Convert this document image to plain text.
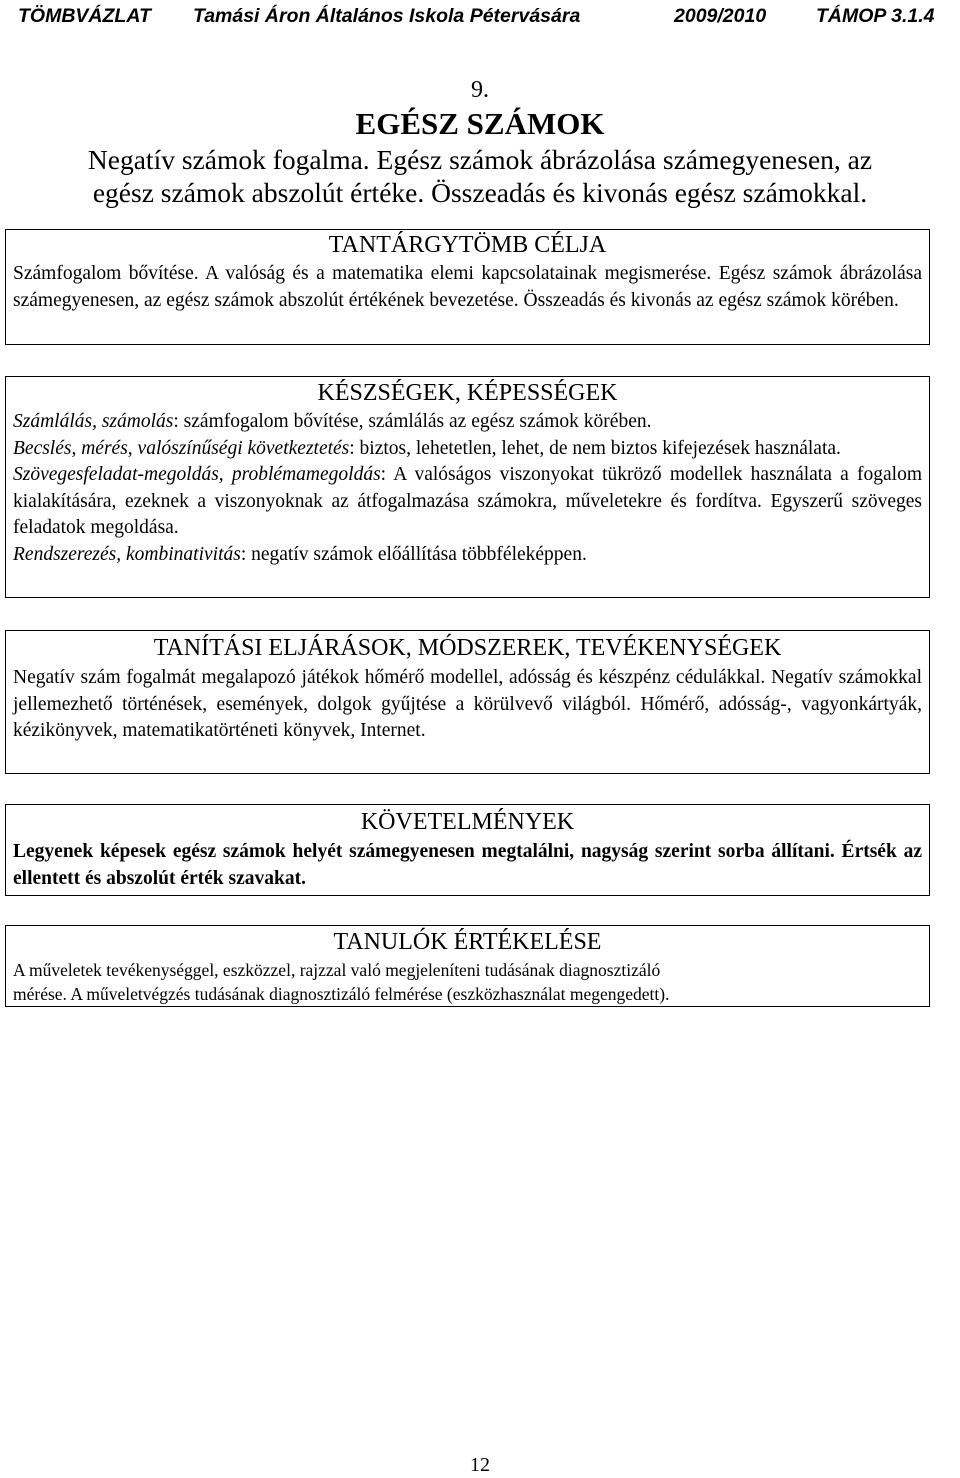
TÖMBVÁZLAT Tamási Áron Általános Iskola Pétervására	2009/2010	TÁMOP 3.1.4
9.
EGÉSZ SZÁMOK
Negatív számok fogalma. Egész számok ábrázolása számegyenesen, az
egész számok abszolút értéke. Összeadás és kivonás egész számokkal.
TANTÁRGYTÖMB CÉLJA

Számfogalom bővítése. A valóság és a matematika elemi kapcsolatainak megismerése. Egész számok ábrázolása számegyenesen, az egész számok abszolút értékének bevezetése. Összeadás és kivonás az egész számok körében.

KÉSZSÉGEK, KÉPESSÉGEK

Számlálás, számolás: számfogalom bővítése, számlálás az egész számok körében.

Becslés, mérés, valószínűségi következtetés: biztos, lehetetlen, lehet, de nem biztos kifejezések használata.

Szövegesfeladat-megoldás, problémamegoldás: A valóságos viszonyokat tükröző modellek használata a fogalom kialakítására, ezeknek a viszonyoknak az átfogalmazása számokra, műveletekre és fordítva. Egyszerű szöveges feladatok megoldása.

Rendszerezés, kombinativitás: negatív számok előállítása többféleképpen.

TANÍTÁSI ELJÁRÁSOK, MÓDSZEREK, TEVÉKENYSÉGEK

Negatív szám fogalmát megalapozó játékok hőmérő modellel, adósság és készpénz cédulákkal. Negatív számokkal jellemezhető történések, események, dolgok gyűjtése a körülvevő világból. Hőmérő, adósság-, vagyonkártyák, kézikönyvek, matematikatörténeti könyvek, Internet.

KÖVETELMÉNYEK

Legyenek képesek egész számok helyét számegyenesen megtalálni, nagyság szerint sorba állítani. Értsék az ellentett és abszolút érték szavakat.

TANULÓK ÉRTÉKELÉSE
A műveletek tevékenységgel, eszközzel, rajzzal való megjeleníteni tudásának diagnosztizáló
mérése. A műveletvégzés tudásának diagnosztizáló felmérése (eszközhasználat megengedett).
12
